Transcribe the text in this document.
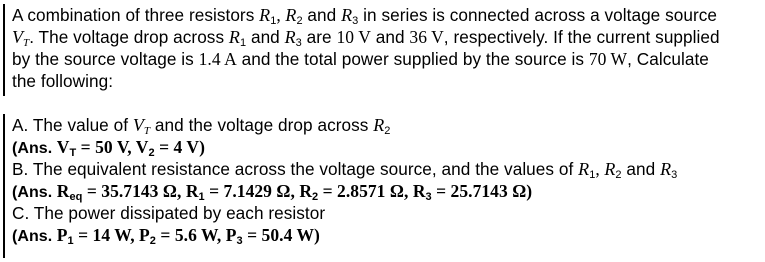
A combination of three resistors $R_1$, $R_2$ and $R_3$ in series is connected across a voltage source
$V_T$. The voltage drop across $R_1$ and $R_3$ are 10 V and 36 V, respectively. If the current supplied
by the source voltage is 1.4 A and the total power supplied by the source is 70 W, Calculate
the following:
A. The value of $V_T$ and the voltage drop across $R_2$
(Ans. $V_T = 50$ V, $V_2 = 4$ V)
B. The equivalent resistance across the voltage source, and the values of $R_1$, $R_2$ and $R_3$
(Ans. $R_{eq} = 35.7143$ Ω, $R_1 = 7.1429$ Ω, $R_2 = 2.8571$ Ω, $R_3 = 25.7143$ Ω)
C. The power dissipated by each resistor
(Ans. $P_1 = 14$ W, $P_2 = 5.6$ W, $P_3 = 50.4$ W)
